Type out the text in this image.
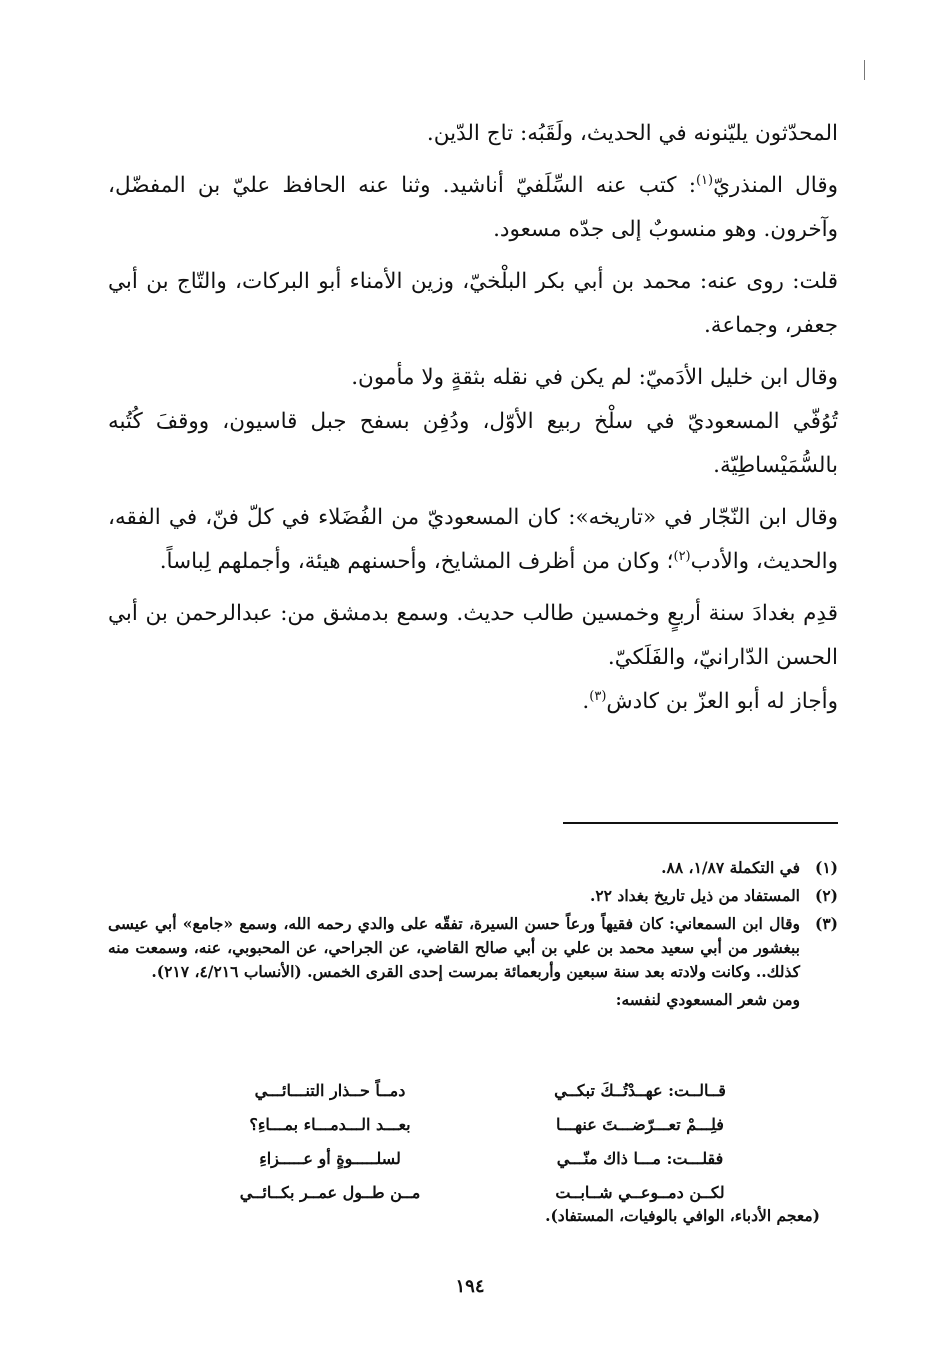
المحدّثون يليّنونه في الحديث، ولَقَبُه: تاج الدّين.

وقال المنذريّ$^{(١)}$: كتب عنه السِّلَفيّ أناشيد. وثنا عنه الحافظ عليّ بن المفضّل، وآخرون. وهو منسوبٌ إلى جدّه مسعود.

قلت: روى عنه: محمد بن أبي بكر البلْخيّ، وزين الأمناء أبو البركات، والتّاج بن أبي جعفر، وجماعة.

وقال ابن خليل الأدَميّ: لم يكن في نقله بثقةٍ ولا مأمون.

تُوُفّي المسعوديّ في سلْخ ربيع الأوّل، ودُفِن بسفح جبل قاسيون، ووقفَ كُتُبه بالسُّمَيْساطِيّة.

وقال ابن النّجّار في «تاريخه»: كان المسعوديّ من الفُضَلاء في كلّ فنّ، في الفقه، والحديث، والأدب$^{(٢)}$؛ وكان من أظرف المشايخ، وأحسنهم هيئة، وأجملهم لِباساً.

قدِم بغدادَ سنة أربعٍ وخمسين طالب حديث. وسمع بدمشق من: عبدالرحمن بن أبي الحسن الدّارانيّ، والفَلَكيّ.

وأجاز له أبو العزّ بن كادش$^{(٣)}$.

(١)
في التكملة ١/٨٧، ٨٨.
(٢)
المستفاد من ذيل تاريخ بغداد ٢٢.
(٣)
وقال ابن السمعاني: كان فقيهاً ورعاً حسن السيرة، تفقّه على والدي رحمه الله، وسمع «جامع» أبي عيسى ببغشور من أبي سعيد محمد بن علي بن أبي صالح القاضي، عن الجراحي، عن المحبوبي، عنه، وسمعت منه كذلك.. وكانت ولادته بعد سنة سبعين وأربعمائة بمرست إحدى القرى الخمس. (الأنساب ٤/٢١٦، ٢١٧).
ومن شعر المسعودي لنفسه:
قــالــت: عهــدْتُــكَ تبكــي
دمــاً حــذار التنـــائـــي
فلِـــمْ تعـــرّضـــتَ عنهـــا
بعـــد الـــدمـــاء بمـــاءِ؟
فقلـــت: مـــا ذاك منّـــي
لسلـــــوةٍ أو عـــــزاءِ
لكــن دمــوعــي شــابــت
مــن طــول عمــر بكــائــي
(معجم الأدباء، الوافي بالوفيات، المستفاد).
١٩٤
